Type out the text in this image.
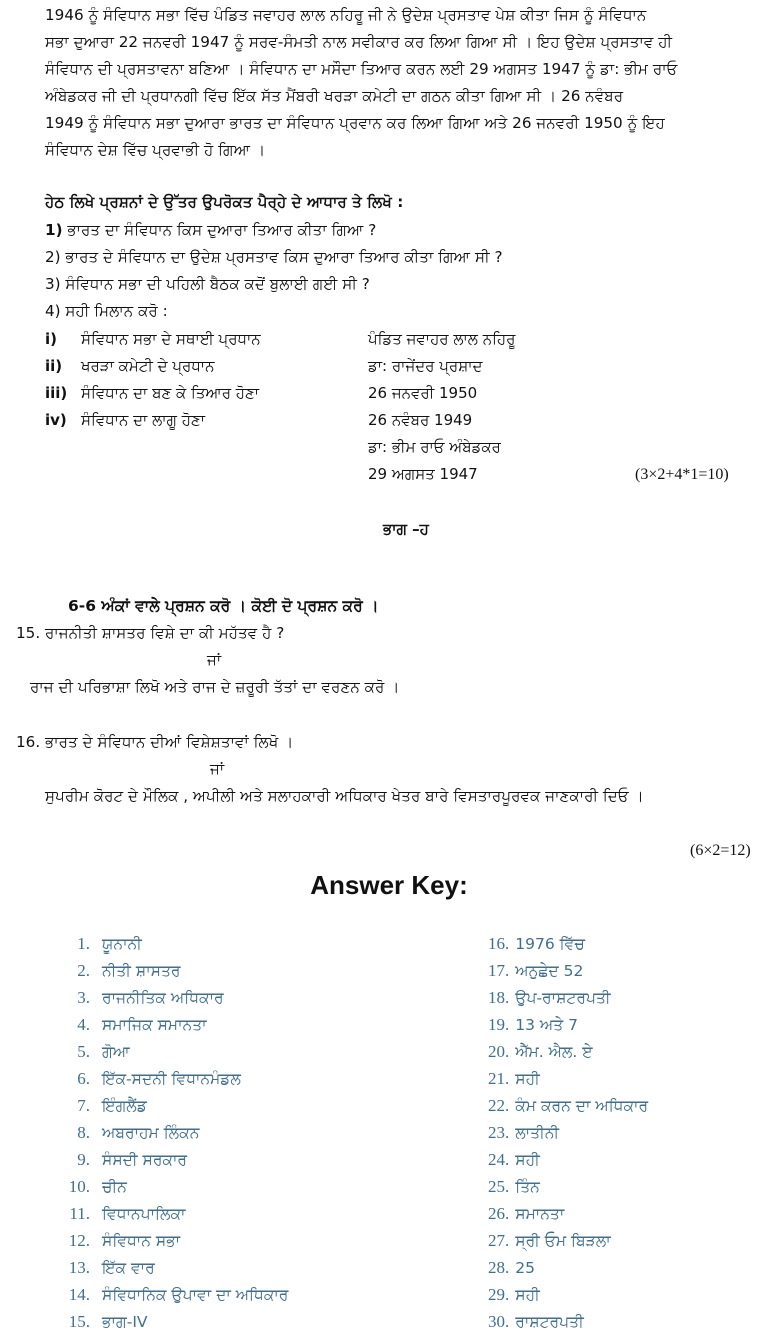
1946 ਨੂੰ ਸੰਵਿਧਾਨ ਸਭਾ ਵਿੱਚ ਪੰਡਿਤ ਜਵਾਹਰ ਲਾਲ ਨਹਿਰੂ ਜੀ ਨੇ ਉਦੇਸ਼ ਪ੍ਰਸਤਾਵ ਪੇਸ਼ ਕੀਤਾ ਜਿਸ ਨੂੰ ਸੰਵਿਧਾਨ
ਸਭਾ ਦੁਆਰਾ 22 ਜਨਵਰੀ 1947 ਨੂੰ ਸਰਵ-ਸੰਮਤੀ ਨਾਲ ਸਵੀਕਾਰ ਕਰ ਲਿਆ ਗਿਆ ਸੀ । ਇਹ ਉਦੇਸ਼ ਪ੍ਰਸਤਾਵ ਹੀ
ਸੰਵਿਧਾਨ ਦੀ ਪ੍ਰਸਤਾਵਨਾ ਬਣਿਆ । ਸੰਵਿਧਾਨ ਦਾ ਮਸੌਦਾ ਤਿਆਰ ਕਰਨ ਲਈ 29 ਅਗਸਤ 1947 ਨੂੰ ਡਾ: ਭੀਮ ਰਾਓ
ਅੰਬੇਡਕਰ ਜੀ ਦੀ ਪ੍ਰਧਾਨਗੀ ਵਿੱਚ ਇੱਕ ਸੱਤ ਮੈਂਬਰੀ ਖਰੜਾ ਕਮੇਟੀ ਦਾ ਗਠਨ ਕੀਤਾ ਗਿਆ ਸੀ । 26 ਨਵੰਬਰ
1949 ਨੂੰ ਸੰਵਿਧਾਨ ਸਭਾ ਦੁਆਰਾ ਭਾਰਤ ਦਾ ਸੰਵਿਧਾਨ ਪ੍ਰਵਾਨ ਕਰ ਲਿਆ ਗਿਆ ਅਤੇ 26 ਜਨਵਰੀ 1950 ਨੂੰ ਇਹ
ਸੰਵਿਧਾਨ ਦੇਸ਼ ਵਿੱਚ ਪ੍ਰਵਾਭੀ ਹੋ ਗਿਆ ।
ਹੇਠ ਲਿਖੇ ਪ੍ਰਸ਼ਨਾਂ ਦੇ ਉੱਤਰ ਉਪਰੋਕਤ ਪੈਰ੍ਹੇ ਦੇ ਆਧਾਰ ਤੇ ਲਿਖੋ :
1) ਭਾਰਤ ਦਾ ਸੰਵਿਧਾਨ ਕਿਸ ਦੁਆਰਾ ਤਿਆਰ ਕੀਤਾ ਗਿਆ ?
2) ਭਾਰਤ ਦੇ ਸੰਵਿਧਾਨ ਦਾ ਉਦੇਸ਼ ਪ੍ਰਸਤਾਵ ਕਿਸ ਦੁਆਰਾ ਤਿਆਰ ਕੀਤਾ ਗਿਆ ਸੀ ?
3) ਸੰਵਿਧਾਨ ਸਭਾ ਦੀ ਪਹਿਲੀ ਬੈਠਕ ਕਦੋਂ ਬੁਲਾਈ ਗਈ ਸੀ ?
4) ਸਹੀ ਮਿਲਾਨ ਕਰੋ :
i) ਸੰਵਿਧਾਨ ਸਭਾ ਦੇ ਸਥਾਈ ਪ੍ਰਧਾਨ
ii) ਖਰੜਾ ਕਮੇਟੀ ਦੇ ਪ੍ਰਧਾਨ
iii) ਸੰਵਿਧਾਨ ਦਾ ਬਣ ਕੇ ਤਿਆਰ ਹੋਣਾ
iv) ਸੰਵਿਧਾਨ ਦਾ ਲਾਗੂ ਹੋਣਾ
ਪੰਡਿਤ ਜਵਾਹਰ ਲਾਲ ਨਹਿਰੂ
ਡਾ: ਰਾਜੇਂਦਰ ਪ੍ਰਸ਼ਾਦ
26 ਜਨਵਰੀ 1950
26 ਨਵੰਬਰ 1949
ਡਾ: ਭੀਮ ਰਾਓ ਅੰਬੇਡਕਰ
29 ਅਗਸਤ 1947	(3×2+4*1=10)
ਭਾਗ –ਹ
6-6 ਅੰਕਾਂ ਵਾਲੇ ਪ੍ਰਸ਼ਨ ਕਰੋ । ਕੋਈ ਦੋ ਪ੍ਰਸ਼ਨ ਕਰੋ ।
15. ਰਾਜਨੀਤੀ ਸ਼ਾਸਤਰ ਵਿਸ਼ੇ ਦਾ ਕੀ ਮਹੱਤਵ ਹੈ ?
ਜਾਂ
ਰਾਜ ਦੀ ਪਰਿਭਾਸ਼ਾ ਲਿਖੋ ਅਤੇ ਰਾਜ ਦੇ ਜ਼ਰੂਰੀ ਤੱਤਾਂ ਦਾ ਵਰਣਨ ਕਰੋ ।
16. ਭਾਰਤ ਦੇ ਸੰਵਿਧਾਨ ਦੀਆਂ ਵਿਸ਼ੇਸ਼ਤਾਵਾਂ ਲਿਖੋ ।
ਜਾਂ
ਸੁਪਰੀਮ ਕੋਰਟ ਦੇ ਮੌਲਿਕ , ਅਪੀਲੀ ਅਤੇ ਸਲਾਹਕਾਰੀ ਅਧਿਕਾਰ ਖੇਤਰ ਬਾਰੇ ਵਿਸਤਾਰਪੂਰਵਕ ਜਾਣਕਾਰੀ ਦਿਓ ।
(6×2=12)
Answer Key:
1. ਯੂਨਾਨੀ
2. ਨੀਤੀ ਸ਼ਾਸਤਰ
3. ਰਾਜਨੀਤਿਕ ਅਧਿਕਾਰ
4. ਸਮਾਜਿਕ ਸਮਾਨਤਾ
5. ਗੋਆ
6. ਇੱਕ-ਸਦਨੀ ਵਿਧਾਨਮੰਡਲ
7. ਇੰਗਲੈਂਡ
8. ਅਬਰਾਹਮ ਲਿੰਕਨ
9. ਸੰਸਦੀ ਸਰਕਾਰ
10. ਚੀਨ
11. ਵਿਧਾਨਪਾਲਿਕਾ
12. ਸੰਵਿਧਾਨ ਸਭਾ
13. ਇੱਕ ਵਾਰ
14. ਸੰਵਿਧਾਨਿਕ ਉਪਾਵਾ ਦਾ ਅਧਿਕਾਰ
15. ਭਾਗ-IV
16. 1976 ਵਿੱਚ
17. ਅਨੁਛੇਦ 52
18. ਉਪ-ਰਾਸ਼ਟਰਪਤੀ
19. 13 ਅਤੇ 7
20. ਐੱਮ. ਐਲ. ਏ
21. ਸਹੀ
22. ਕੰਮ ਕਰਨ ਦਾ ਅਧਿਕਾਰ
23. ਲਾਤੀਨੀ
24. ਸਹੀ
25. ਤਿੰਨ
26. ਸਮਾਨਤਾ
27. ਸ੍ਰੀ ਓਮ ਬਿੜਲਾ
28. 25
29. ਸਹੀ
30. ਰਾਸ਼ਟਰਪਤੀ
